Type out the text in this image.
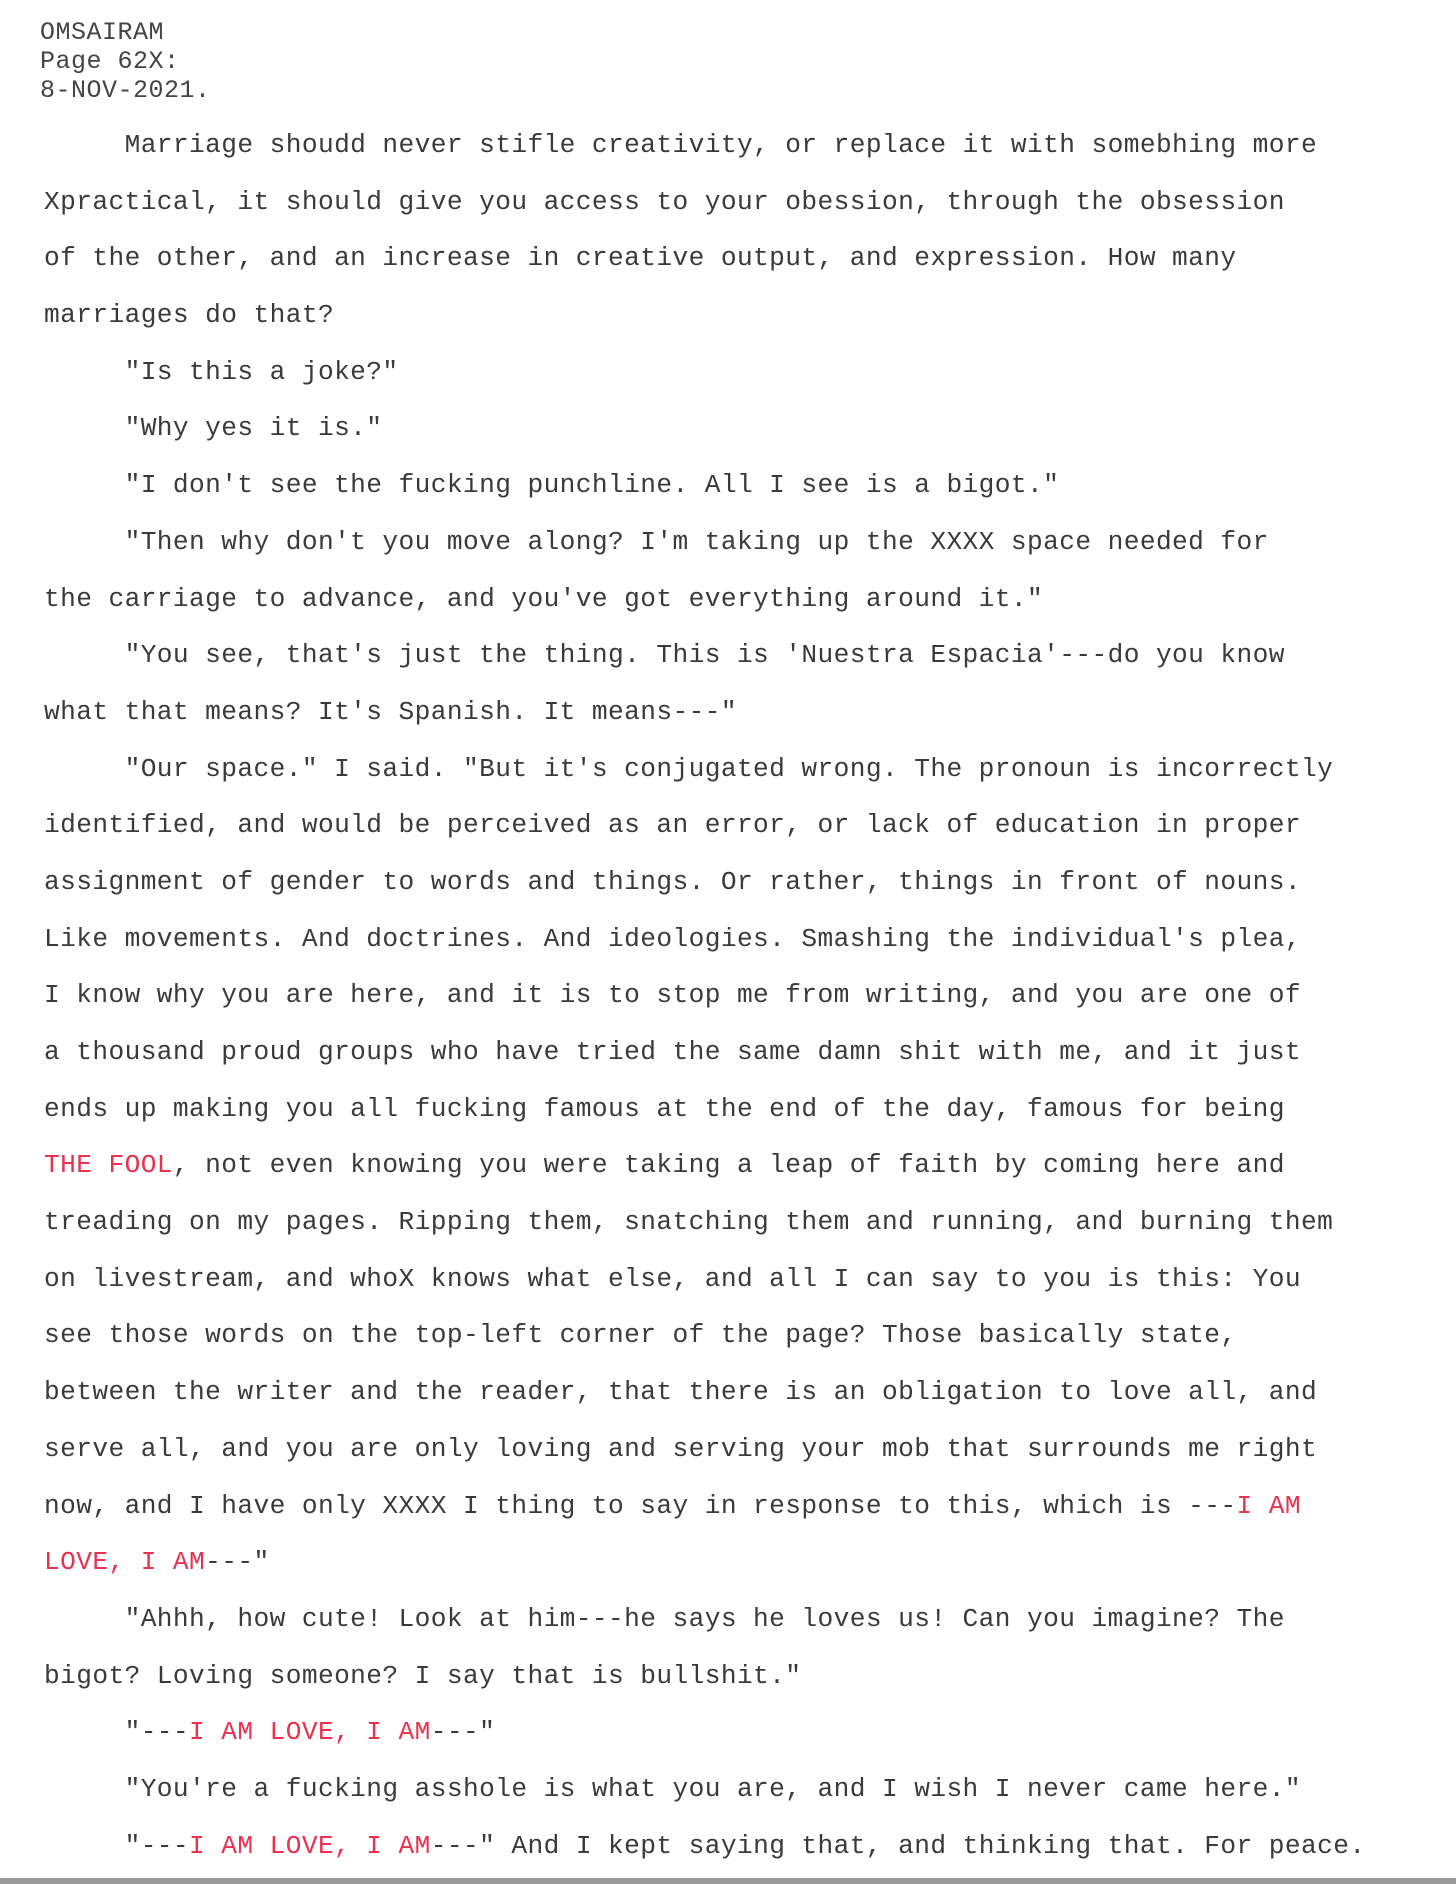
OMSAIRAM
Page 62X:
8-NOV-2021.
Marriage shoudd never stifle creativity, or replace it with somebhing more
Xpractical, it should give you access to your obession, through the obsession
of the other, and an increase in creative output, and expression. How many
marriages do that?
"Is this a joke?"
"Why yes it is."
"I don't see the fucking punchline. All I see is a bigot."
"Then why don't you move along? I'm taking up the XXXX space needed for
the carriage to advance, and you've got everything around it."
"You see, that's just the thing. This is 'Nuestra Espacia'---do you know
what that means? It's Spanish. It means---"
"Our space." I said. "But it's conjugated wrong. The pronoun is incorrectly
identified, and would be perceived as an error, or lack of education in proper
assignment of gender to words and things. Or rather, things in front of nouns.
Like movements. And doctrines. And ideologies. Smashing the individual's plea,
I know why you are here, and it is to stop me from writing, and you are one of
a thousand proud groups who have tried the same damn shit with me, and it just
ends up making you all fucking famous at the end of the day, famous for being
THE FOOL, not even knowing you were taking a leap of faith by coming here and
treading on my pages. Ripping them, snatching them and running, and burning them
on livestream, and whoX knows what else, and all I can say to you is this: You
see those words on the top-left corner of the page? Those basically state,
between the writer and the reader, that there is an obligation to love all, and
serve all, and you are only loving and serving your mob that surrounds me right
now, and I have only XXXX I thing to say in response to this, which is ---I AM
LOVE, I AM---"
"Ahhh, how cute! Look at him---he says he loves us! Can you imagine? The
bigot? Loving someone? I say that is bullshit."
"---I AM LOVE, I AM---"
"You're a fucking asshole is what you are, and I wish I never came here."
"---I AM LOVE, I AM---" And I kept saying that, and thinking that. For peace.
